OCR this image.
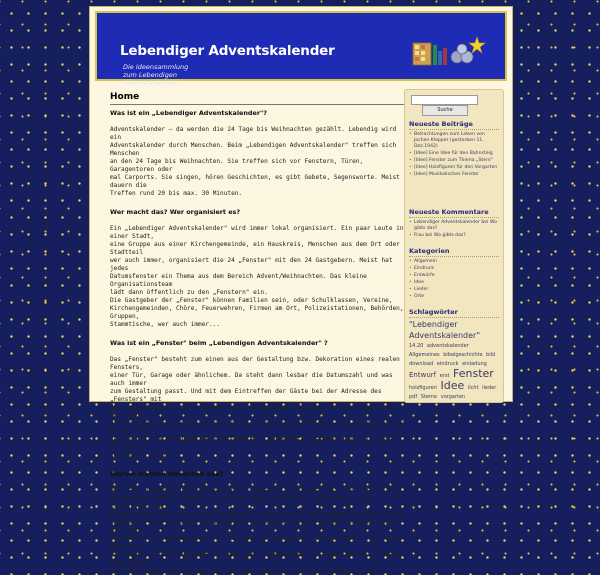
Lebendiger Adventskalender
Die Ideensammlung zum Lebendigen Adventskalender
Home
Was ist ein „Lebendiger Adventskalender"?
Adventskalender – da werden die 24 Tage bis Weihnachten gezählt. Lebendig wird ein
Adventskalender durch Menschen. Beim „Lebendigen Adventskalender" treffen sich Menschen
an den 24 Tage bis Weihnachten. Sie treffen sich vor Fenstern, Türen, Garagentoren oder
mal Carports. Sie singen, hören Geschichten, es gibt Gebete, Segensworte. Meist dauern die
Treffen rund 20 bis max. 30 Minuten.
Wer macht das? Wer organisiert es?
Ein „Lebendiger Adventskalender" wird immer lokal organisiert. Ein paar Leute in einer Stadt,
eine Gruppe aus einer Kirchengemeinde, ein Hauskreis, Menschen aus dem Ort oder Stadtteil
wer auch immer, organisiert die 24 „Fenster" mit den 24 Gastgebern. Meist hat jedes
Datumsfenster ein Thema aus dem Bereich Advent/Weihnachten. Das kleine Organisationsteam
lädt dann öffentlich zu den „Fenstern" ein.
Die Gastgeber der „Fenster" können Familien sein, oder Schulklassen, Vereine,
Kirchengemeinden, Chöre, Feuerwehren, Firmen am Ort, Polizeistationen, Behörden, Gruppen,
Stammtische, wer auch immer...
Was ist ein „Fenster" beim „Lebendigen Adventskalender" ?
Das „Fenster" besteht zum einen aus der Gestaltung bzw. Dekoration eines realen Fensters,
einer Tür, Garage oder ähnlichem. Da steht dann lesbar die Datumszahl und was auch immer
zum Gestaltung passt. Und mit dem Eintreffen der Gäste bei der Adresse des „Fensters" mit
die Leute begrüsst, Denn der Rolladen hochgezogen oder das Licht eingeschaltet. Dann gibt
die Gastgebenden durch eine kleine Feier von max. 20 Minuten. Die Inhalte dieser Feier sind
gestaltbar. In der Regel gehören Lied(er), Geschichte oder Besinnung und Gebet und oder
Segenswort dazu.
Warum machen Menschen das?
Wer beim „Lebendigen Adventskalender" mitmacht, trägt dazu bei, Menschen in der
Vorweihnachtszeit zusammen zu bringen. Menschen werden eingeladen, sich miteinander der
Vorbereitung auf Weihnachten zuzuwenden. Gemeinschaft und Begegnung werden dabei
angeboten, aber nirgends aufgedrängt. Gemeinsame Lieder, Bilder, Lichter laden ein, sich
innerlich aufs Kommen Gottes in die Welt an Weihnachten vorzubereiten. Wie weit Menschen
sich dabei auch für einander öffnen, entscheidet jede und jeder selbst. Niemand muss etwas
oder mitsingen, oder beten. Es ist immer möglich, einfach so dabei zu sein.
Suche
Neueste Beiträge
• Betrachtungen zum Leben von Jochen Klepper (gestorben 11. Dez.1942)
• [Idee] Eine Idee für den Bahnsteig
• [Idee] Fenster zum Thema „Stern"
• [Idee] Holzfiguren für den Vorgarten
• [Idee] Musikalisches Fenster
Neueste Kommentare
• Lebendiger Adventskalender bei Wo gibts das?
• Frau bei Wo gibts das?
Kategorien
• Allgemein
• Eindruck
• Entwürfe
• Idee
• Lieder
• Orte
Schlagwörter
"Lebendiger Adventskalender" 14.20 adventskalender Allgemeines bibelgeschichte bild download eindruck einladung Entwurf erst Fenster holzfiguren Idee licht lieder pdf Sterne vorgarten
